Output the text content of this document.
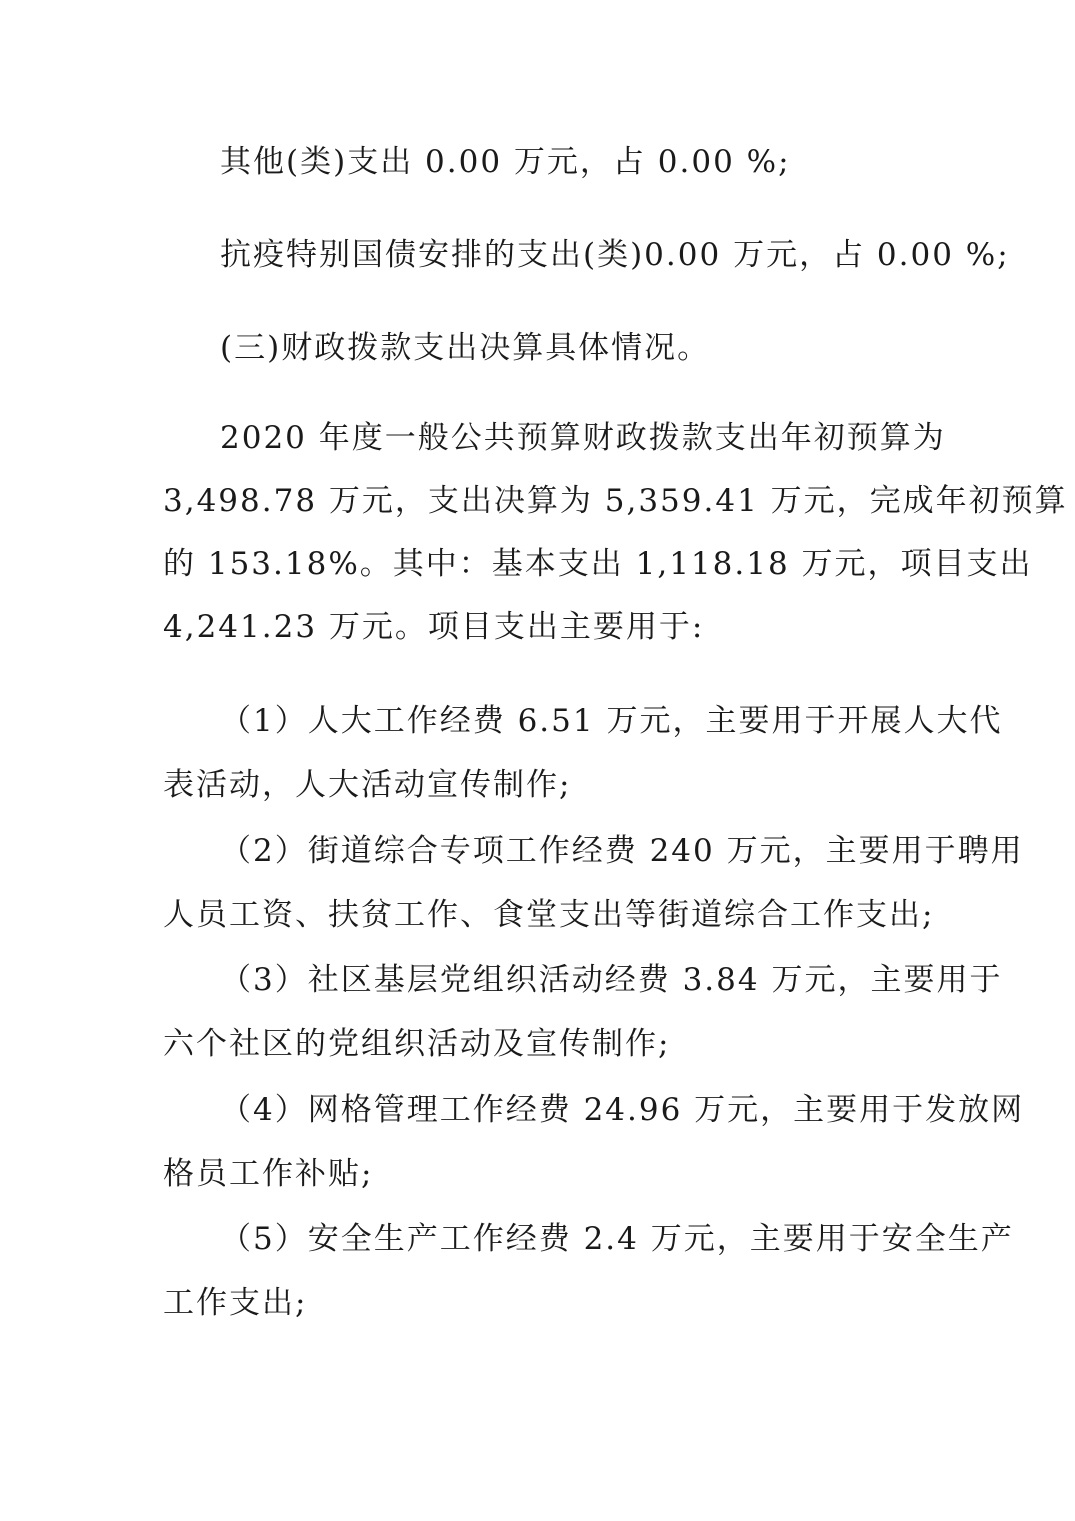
其他(类)支出 0.00 万元，占 0.00 %;
抗疫特别国债安排的支出(类)0.00 万元，占 0.00 %;
(三)财政拨款支出决算具体情况。
2020 年度一般公共预算财政拨款支出年初预算为
3,498.78 万元，支出决算为 5,359.41 万元，完成年初预算
的 153.18%。其中：基本支出 1,118.18 万元，项目支出
4,241.23 万元。项目支出主要用于:
（1）人大工作经费 6.51 万元，主要用于开展人大代
表活动，人大活动宣传制作;
（2）街道综合专项工作经费 240 万元，主要用于聘用
人员工资、扶贫工作、食堂支出等街道综合工作支出;
（3）社区基层党组织活动经费 3.84 万元，主要用于
六个社区的党组织活动及宣传制作;
（4）网格管理工作经费 24.96 万元，主要用于发放网
格员工作补贴;
（5）安全生产工作经费 2.4 万元，主要用于安全生产
工作支出;
